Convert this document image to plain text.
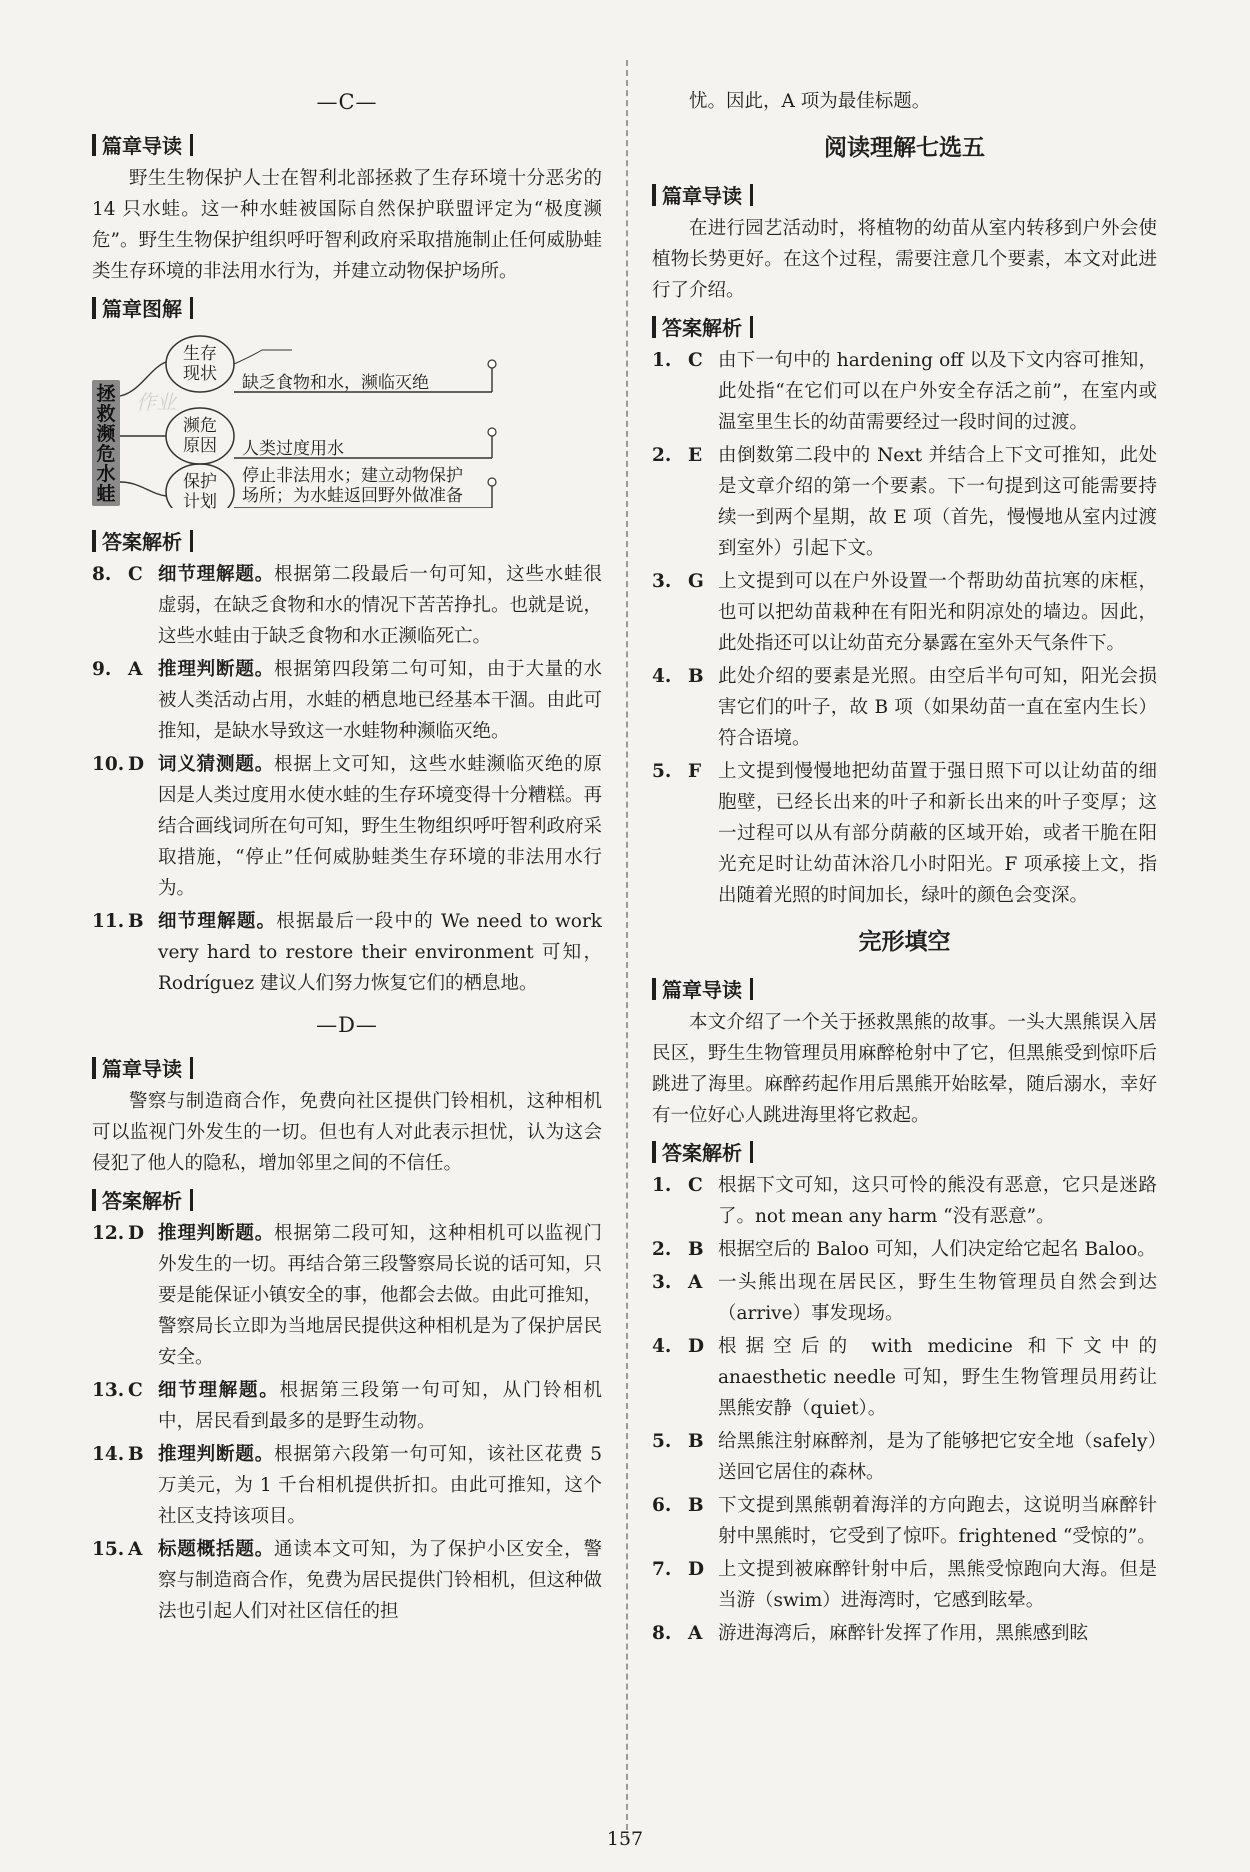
—C—
篇章导读

野生生物保护人士在智利北部拯救了生存环境十分恶劣的 14 只水蛙。这一种水蛙被国际自然保护联盟评定为“极度濒危”。野生生物保护组织呼吁智利政府采取措施制止任何威胁蛙类生存环境的非法用水行为，并建立动物保护场所。

篇章图解
拯救濒危水蛙
作业
生存
现状 缺乏食物和水，濒临灭绝
濒危
原因 人类过度用水
保护
计划
停止非法用水；建立动物保护
场所；为水蛙返回野外做准备
答案解析
8. C 细节理解题。根据第二段最后一句可知，这些水蛙很虚弱，在缺乏食物和水的情况下苦苦挣扎。也就是说，这些水蛙由于缺乏食物和水正濒临死亡。
9. A 推理判断题。根据第四段第二句可知，由于大量的水被人类活动占用，水蛙的栖息地已经基本干涸。由此可推知，是缺水导致这一水蛙物种濒临灭绝。
10. D 词义猜测题。根据上文可知，这些水蛙濒临灭绝的原因是人类过度用水使水蛙的生存环境变得十分糟糕。再结合画线词所在句可知，野生生物组织呼吁智利政府采取措施，“停止”任何威胁蛙类生存环境的非法用水行为。
11. B 细节理解题。根据最后一段中的 We need to work very hard to restore their environment 可知，Rodríguez 建议人们努力恢复它们的栖息地。
—D—
篇章导读

警察与制造商合作，免费向社区提供门铃相机，这种相机可以监视门外发生的一切。但也有人对此表示担忧，认为这会侵犯了他人的隐私，增加邻里之间的不信任。

答案解析
12. D 推理判断题。根据第二段可知，这种相机可以监视门外发生的一切。再结合第三段警察局长说的话可知，只要是能保证小镇安全的事，他都会去做。由此可推知，警察局长立即为当地居民提供这种相机是为了保护居民安全。
13. C 细节理解题。根据第三段第一句可知，从门铃相机中，居民看到最多的是野生动物。
14. B 推理判断题。根据第六段第一句可知，该社区花费 5 万美元，为 1 千台相机提供折扣。由此可推知，这个社区支持该项目。
15. A 标题概括题。通读本文可知，为了保护小区安全，警察与制造商合作，免费为居民提供门铃相机，但这种做法也引起人们对社区信任的担

忧。因此，A 项为最佳标题。

阅读理解七选五
篇章导读

在进行园艺活动时，将植物的幼苗从室内转移到户外会使植物长势更好。在这个过程，需要注意几个要素，本文对此进行了介绍。

答案解析
1. C 由下一句中的 hardening off 以及下文内容可推知，此处指“在它们可以在户外安全存活之前”，在室内或温室里生长的幼苗需要经过一段时间的过渡。
2. E 由倒数第二段中的 Next 并结合上下文可推知，此处是文章介绍的第一个要素。下一句提到这可能需要持续一到两个星期，故 E 项（首先，慢慢地从室内过渡到室外）引起下文。
3. G 上文提到可以在户外设置一个帮助幼苗抗寒的床框，也可以把幼苗栽种在有阳光和阴凉处的墙边。因此，此处指还可以让幼苗充分暴露在室外天气条件下。
4. B 此处介绍的要素是光照。由空后半句可知，阳光会损害它们的叶子，故 B 项（如果幼苗一直在室内生长）符合语境。
5. F 上文提到慢慢地把幼苗置于强日照下可以让幼苗的细胞壁，已经长出来的叶子和新长出来的叶子变厚；这一过程可以从有部分荫蔽的区域开始，或者干脆在阳光充足时让幼苗沐浴几小时阳光。F 项承接上文，指出随着光照的时间加长，绿叶的颜色会变深。
完形填空
篇章导读

本文介绍了一个关于拯救黑熊的故事。一头大黑熊误入居民区，野生生物管理员用麻醉枪射中了它，但黑熊受到惊吓后跳进了海里。麻醉药起作用后黑熊开始眩晕，随后溺水，幸好有一位好心人跳进海里将它救起。

答案解析
1. C 根据下文可知，这只可怜的熊没有恶意，它只是迷路了。not mean any harm “没有恶意”。
2. B 根据空后的 Baloo 可知，人们决定给它起名 Baloo。
3. A 一头熊出现在居民区，野生生物管理员自然会到达（arrive）事发现场。
4. D 根据空后的 with medicine 和下文中的 anaesthetic needle 可知，野生生物管理员用药让黑熊安静（quiet）。
5. B 给黑熊注射麻醉剂，是为了能够把它安全地（safely）送回它居住的森林。
6. B 下文提到黑熊朝着海洋的方向跑去，这说明当麻醉针射中黑熊时，它受到了惊吓。frightened “受惊的”。
7. D 上文提到被麻醉针射中后，黑熊受惊跑向大海。但是当游（swim）进海湾时，它感到眩晕。
8. A 游进海湾后，麻醉针发挥了作用，黑熊感到眩
157
